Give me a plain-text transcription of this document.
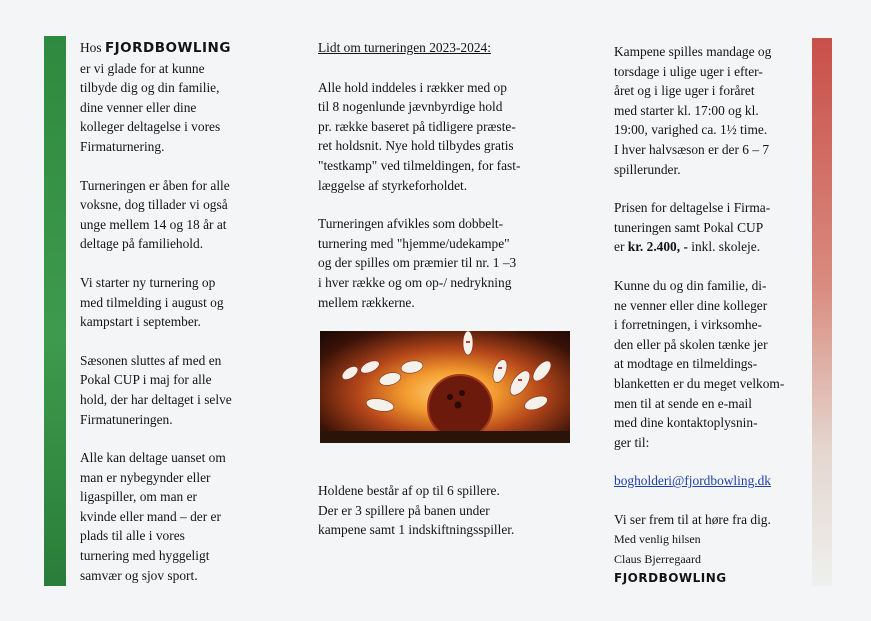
Hos FJORDBOWLING
er vi glade for at kunne
tilbyde dig og din familie,
dine venner eller dine
kolleger deltagelse i vores
Firmaturnering.

Turneringen er åben for alle
voksne, dog tillader vi også
unge mellem 14 og 18 år at
deltage på familiehold.

Vi starter ny turnering op
med tilmelding i august og
kampstart i september.

Sæsonen sluttes af med en
Pokal CUP i maj for alle
hold, der har deltaget i selve
Firmatuneringen.

Alle kan deltage uanset om
man er nybegynder eller
ligaspiller, om man er
kvinde eller mand – der er
plads til alle i vores
turnering med hyggeligt
samvær og sjov sport.

Lidt om turneringen 2023-2024:

Alle hold inddeles i rækker med op
til 8 nogenlunde jævnbyrdige hold
pr. række baseret på tidligere præste-
ret holdsnit. Nye hold tilbydes gratis
"testkamp" ved tilmeldingen, for fast-
læggelse af styrkeforholdet.

Turneringen afvikles som dobbelt-
turnering med "hjemme/udekampe"
og der spilles om præmier til nr. 1 –3
i hver række og om op-/ nedrykning
mellem rækkerne.

Holdene består af op til 6 spillere.
Der er 3 spillere på banen under
kampene samt 1 indskiftningsspiller.

Kampene spilles mandage og
torsdage i ulige uger i efter-
året og i lige uger i foråret
med starter kl. 17:00 og kl.
19:00, varighed ca. 1½ time.
I hver halvsæson er der 6 – 7
spillerunder.

Prisen for deltagelse i Firma-
tuneringen samt Pokal CUP
er kr. 2.400, - inkl. skoleje.

Kunne du og din familie, di-
ne venner eller dine kolleger
i forretningen, i virksomhe-
den eller på skolen tænke jer
at modtage en tilmeldings-
blanketten er du meget velkom-
men til at sende en e-mail
med dine kontaktoplysnin-
ger til:

bogholderi@fjordbowling.dk

Vi ser frem til at høre fra dig.

Med venlig hilsen

Claus Bjerregaard

FJORDBOWLING
